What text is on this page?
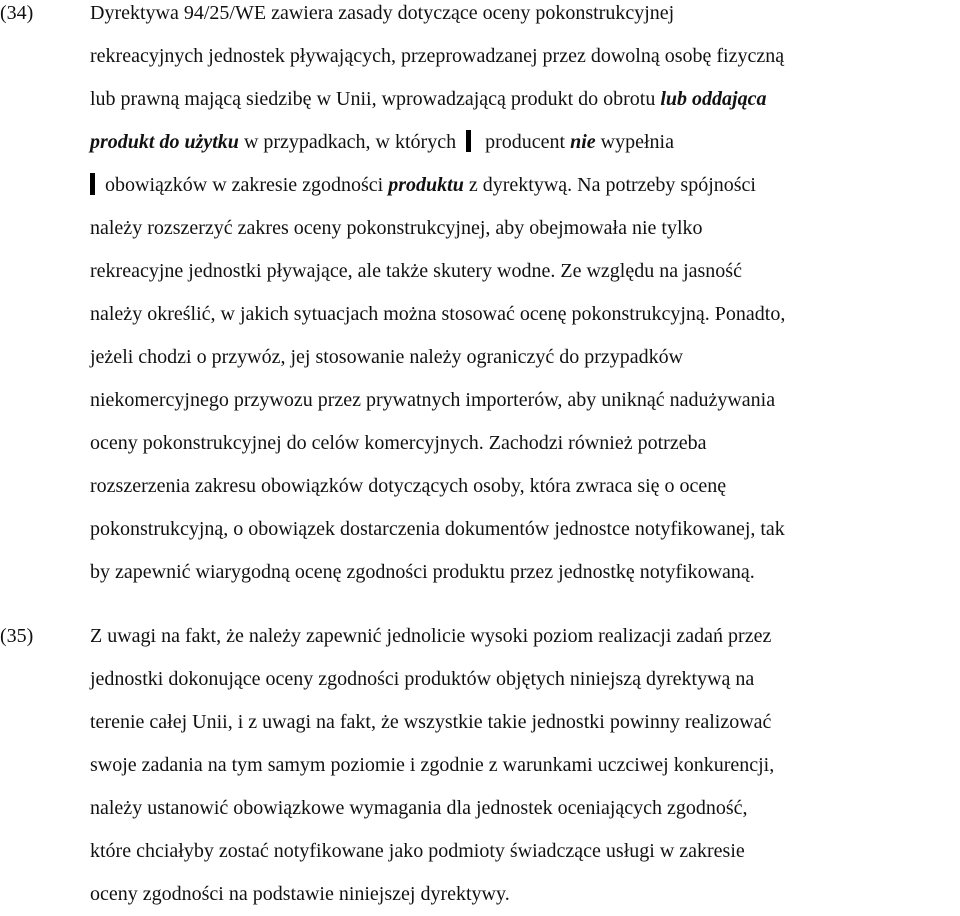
(34)	Dyrektywa 94/25/WE zawiera zasady dotyczące oceny pokonstrukcyjnej
rekreacyjnych jednostek pływających, przeprowadzanej przez dowolną osobę fizyczną
lub prawną mającą siedzibę w Unii, wprowadzającą produkt do obrotu lub oddająca
produkt do użytku w przypadkach, w których producent nie wypełnia
obowiązków w zakresie zgodności produktu z dyrektywą. Na potrzeby spójności
należy rozszerzyć zakres oceny pokonstrukcyjnej, aby obejmowała nie tylko
rekreacyjne jednostki pływające, ale także skutery wodne. Ze względu na jasność
należy określić, w jakich sytuacjach można stosować ocenę pokonstrukcyjną. Ponadto,
jeżeli chodzi o przywóz, jej stosowanie należy ograniczyć do przypadków
niekomercyjnego przywozu przez prywatnych importerów, aby uniknąć nadużywania
oceny pokonstrukcyjnej do celów komercyjnych. Zachodzi również potrzeba
rozszerzenia zakresu obowiązków dotyczących osoby, która zwraca się o ocenę
pokonstrukcyjną, o obowiązek dostarczenia dokumentów jednostce notyfikowanej, tak
by zapewnić wiarygodną ocenę zgodności produktu przez jednostkę notyfikowaną.
(35)	Z uwagi na fakt, że należy zapewnić jednolicie wysoki poziom realizacji zadań przez
jednostki dokonujące oceny zgodności produktów objętych niniejszą dyrektywą na
terenie całej Unii, i z uwagi na fakt, że wszystkie takie jednostki powinny realizować
swoje zadania na tym samym poziomie i zgodnie z warunkami uczciwej konkurencji,
należy ustanowić obowiązkowe wymagania dla jednostek oceniających zgodność,
które chciałyby zostać notyfikowane jako podmioty świadczące usługi w zakresie
oceny zgodności na podstawie niniejszej dyrektywy.
